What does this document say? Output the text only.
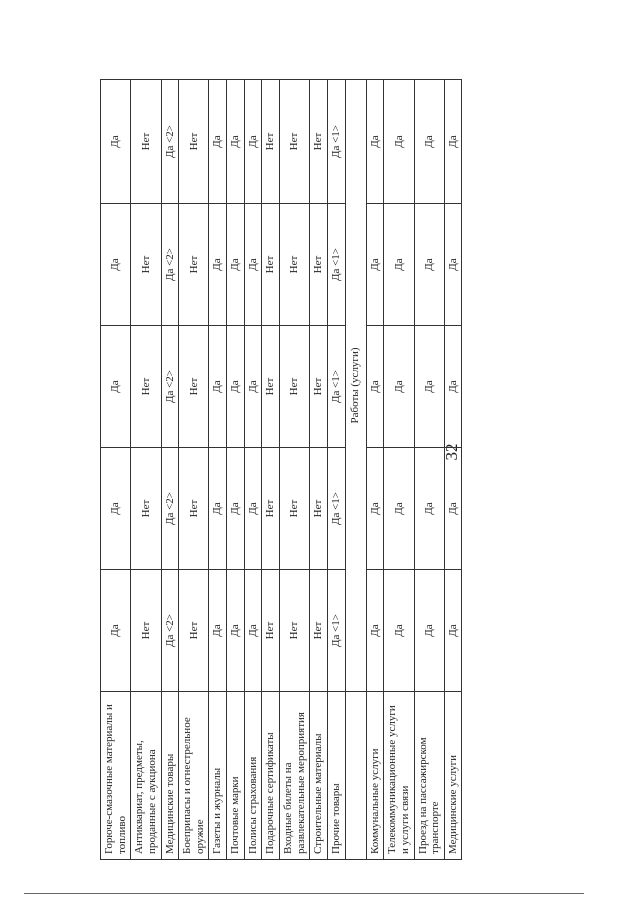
32
Горюче-смазочные материалы и топливо	Да	Да	Да	Да	Да
Антиквариат, предметы, проданные с аукциона	Нет	Нет	Нет	Нет	Нет
Медицинские товары	Да <2>	Да <2>	Да <2>	Да <2>	Да <2>
Боеприпасы и огнестрельное оружие	Нет	Нет	Нет	Нет	Нет
Газеты и журналы	Да	Да	Да	Да	Да
Почтовые марки	Да	Да	Да	Да	Да
Полисы страхования	Да	Да	Да	Да	Да
Подарочные сертификаты	Нет	Нет	Нет	Нет	Нет
Входные билеты на развлекательные мероприятия	Нет	Нет	Нет	Нет	Нет
Строительные материалы	Нет	Нет	Нет	Нет	Нет
Прочие товары	Да <1>	Да <1>	Да <1>	Да <1>	Да <1>
	Работы (услуги)				
Коммунальные услуги	Да	Да	Да	Да	Да
Телекоммуникационные услуги и услуги связи	Да	Да	Да	Да	Да
Проезд на пассажирском транспорте	Да	Да	Да	Да	Да
Медицинские услуги	Да	Да	Да	Да	Да
